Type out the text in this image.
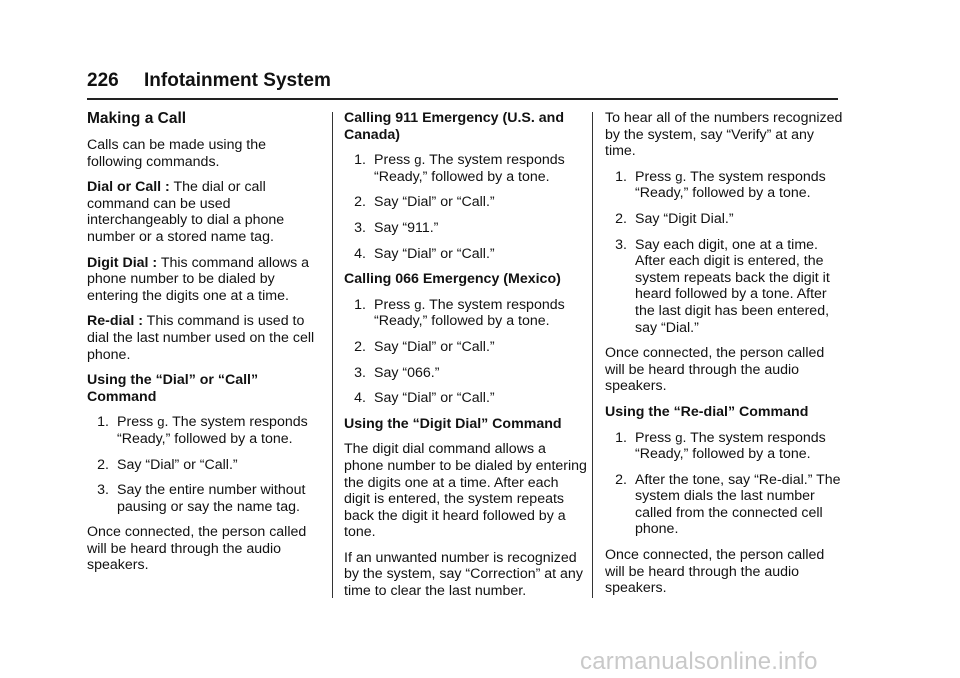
226 Infotainment System
Making a Call

Calls can be made using the following commands.

Dial or Call : The dial or call command can be used interchangeably to dial a phone number or a stored name tag.

Digit Dial : This command allows a phone number to be dialed by entering the digits one at a time.

Re-dial : This command is used to dial the last number used on the cell phone.

Using the “Dial” or “Call” Command

1. Press ɡ. The system responds “Ready,” followed by a tone.
2. Say “Dial” or “Call.”
3. Say the entire number without pausing or say the name tag.

Once connected, the person called will be heard through the audio speakers.

Calling 911 Emergency (U.S. and Canada)

1. Press ɡ. The system responds “Ready,” followed by a tone.
2. Say “Dial” or “Call.”
3. Say “911.”
4. Say “Dial” or “Call.”

Calling 066 Emergency (Mexico)

1. Press ɡ. The system responds “Ready,” followed by a tone.
2. Say “Dial” or “Call.”
3. Say “066.”
4. Say “Dial” or “Call.”

Using the “Digit Dial” Command

The digit dial command allows a phone number to be dialed by entering the digits one at a time. After each digit is entered, the system repeats back the digit it heard followed by a tone.

If an unwanted number is recognized by the system, say “Correction” at any time to clear the last number.

To hear all of the numbers recognized by the system, say “Verify” at any time.

1. Press ɡ. The system responds “Ready,” followed by a tone.
2. Say “Digit Dial.”
3. Say each digit, one at a time. After each digit is entered, the system repeats back the digit it heard followed by a tone. After the last digit has been entered, say “Dial.”

Once connected, the person called will be heard through the audio speakers.

Using the “Re-dial” Command

1. Press ɡ. The system responds “Ready,” followed by a tone.
2. After the tone, say “Re-dial.” The system dials the last number called from the connected cell phone.

Once connected, the person called will be heard through the audio speakers.

carmanualsonline.info
